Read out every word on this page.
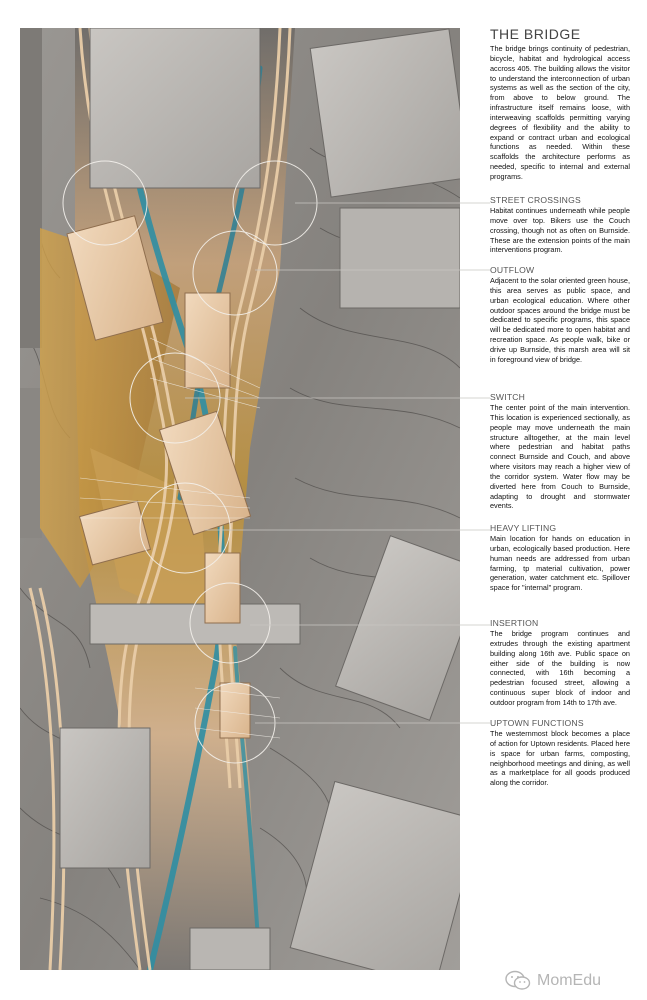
THE BRIDGE

The bridge brings continuity of pedestrian, bicycle, habitat and hydrological access accross 405. The building allows the visitor to understand the interconnection of urban systems as well as the section of the city, from above to below ground. The infrastructure itself remains loose, with interweaving scaffolds permitting varying degrees of flexibility and the ability to expand or contract urban and ecological functions as needed. Within these scaffolds the architecture performs as needed, specific to internal and external programs.

STREET CROSSINGS

Habitat continues underneath while people move over top. Bikers use the Couch crossing, though not as often on Burnside. These are the extension points of the main interventions program.

OUTFLOW

Adjacent to the solar oriented green house, this area serves as public space, and urban ecological education. Where other outdoor spaces around the bridge must be dedicated to specific programs, this space will be dedicated more to open habitat and recreation space. As people walk, bike or drive up Burnside, this marsh area will sit in foreground view of bridge.

SWITCH

The center point of the main intervention. This location is experienced sectionally, as people may move underneath the main structure alltogether, at the main level where pedestrian and habitat paths connect Burnside and Couch, and above where visitors may reach a higher view of the corridor system. Water flow may be diverted here from Couch to Burnside, adapting to drought and stormwater events.

HEAVY LIFTING

Main location for hands on education in urban, ecologically based production. Here human needs are addressed from urban farming, tp material cultivation, power generation, water catchment etc. Spillover space for "internal" program.

INSERTION

The bridge program continues and extrudes through the existing apartment building along 16th ave. Public space on either side of the building is now connected, with 16th becoming a pedestrian focused street, allowing a continuous super block of indoor and outdoor program from 14th to 17th ave.

UPTOWN FUNCTIONS

The westernmost block becomes a place of action for Uptown residents. Placed here is space for urban farms, composting, neighborhood meetings and dining, as well as a marketplace for all goods produced along the corridor.

MomEdu
